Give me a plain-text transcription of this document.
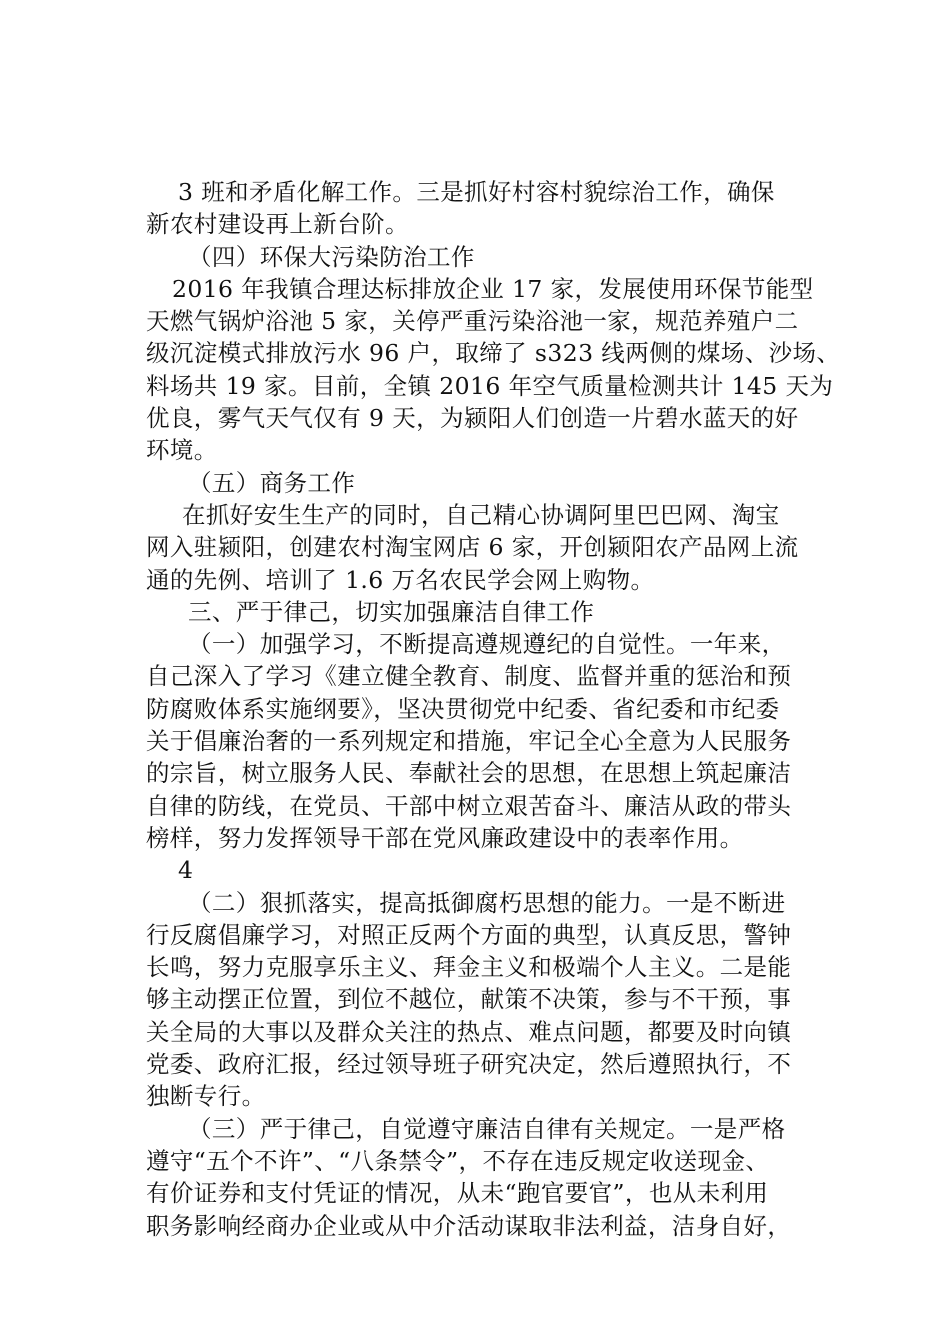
3 班和矛盾化解工作。三是抓好村容村貌综治工作，确保
新农村建设再上新台阶。
（四）环保大污染防治工作
2016 年我镇合理达标排放企业 17 家，发展使用环保节能型
天燃气锅炉浴池 5 家，关停严重污染浴池一家，规范养殖户二
级沉淀模式排放污水 96 户，取缔了 s323 线两侧的煤场、沙场、
料场共 19 家。目前，全镇 2016 年空气质量检测共计 145 天为
优良，雾气天气仅有 9 天，为颍阳人们创造一片碧水蓝天的好
环境。
（五）商务工作
在抓好安生生产的同时，自己精心协调阿里巴巴网、淘宝
网入驻颍阳，创建农村淘宝网店 6 家，开创颍阳农产品网上流
通的先例、培训了 1.6 万名农民学会网上购物。
三、严于律己，切实加强廉洁自律工作
（一）加强学习，不断提高遵规遵纪的自觉性。一年来，
自己深入了学习《建立健全教育、制度、监督并重的惩治和预
防腐败体系实施纲要》，坚决贯彻党中纪委、省纪委和市纪委
关于倡廉治奢的一系列规定和措施，牢记全心全意为人民服务
的宗旨，树立服务人民、奉献社会的思想，在思想上筑起廉洁
自律的防线，在党员、干部中树立艰苦奋斗、廉洁从政的带头
榜样，努力发挥领导干部在党风廉政建设中的表率作用。
4
（二）狠抓落实，提高抵御腐朽思想的能力。一是不断进
行反腐倡廉学习，对照正反两个方面的典型，认真反思，警钟
长鸣，努力克服享乐主义、拜金主义和极端个人主义。二是能
够主动摆正位置，到位不越位，献策不决策，参与不干预，事
关全局的大事以及群众关注的热点、难点问题，都要及时向镇
党委、政府汇报，经过领导班子研究决定，然后遵照执行，不
独断专行。
（三）严于律己，自觉遵守廉洁自律有关规定。一是严格
遵守“五个不许”、“八条禁令”，不存在违反规定收送现金、
有价证券和支付凭证的情况，从未“跑官要官”，也从未利用
职务影响经商办企业或从中介活动谋取非法利益，洁身自好，
